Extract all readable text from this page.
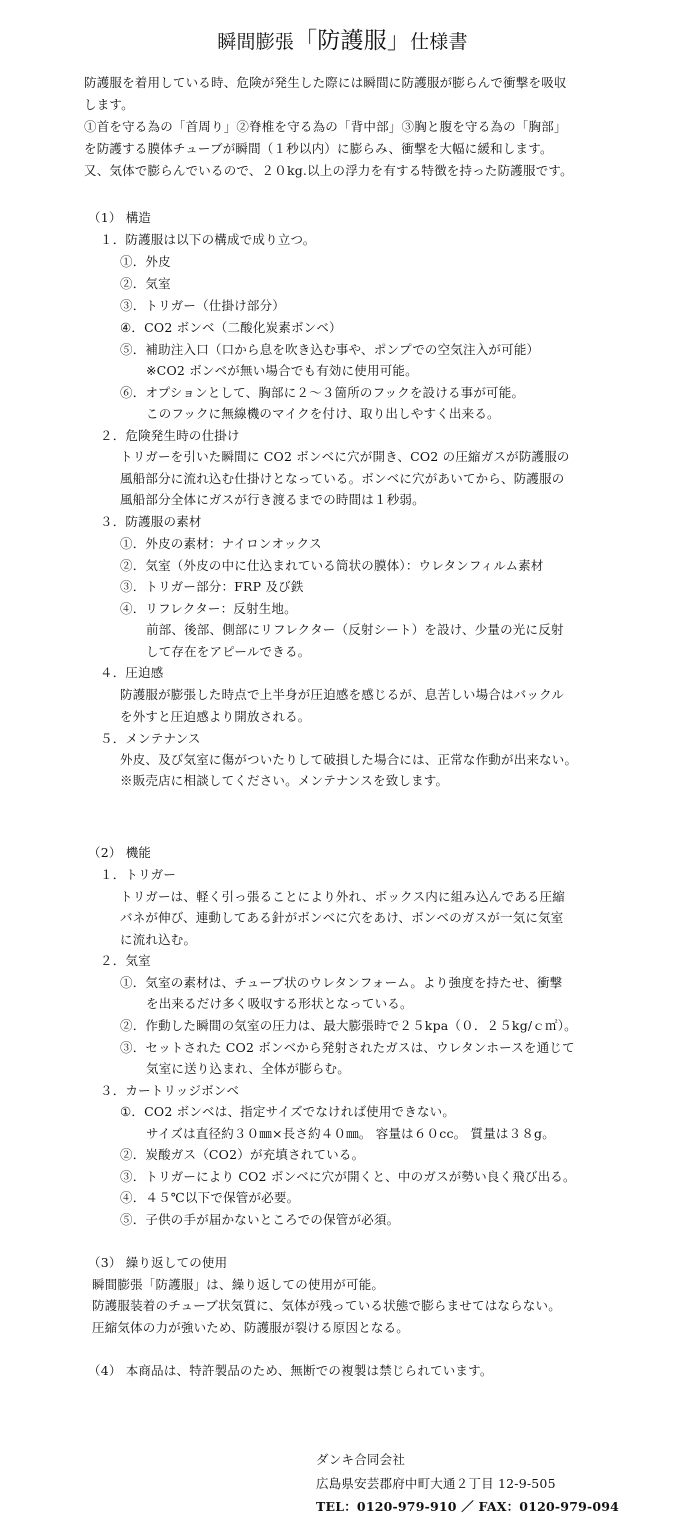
瞬間膨張「防護服」仕様書

防護服を着用している時、危険が発生した際には瞬間に防護服が膨らんで衝撃を吸収

します。

①首を守る為の「首周り」②脊椎を守る為の「背中部」③胸と腹を守る為の「胸部」

を防護する膜体チューブが瞬間（１秒以内）に膨らみ、衝撃を大幅に緩和します。

又、気体で膨らんでいるので、２０kg.以上の浮力を有する特徴を持った防護服です。

（1） 構造
１．防護服は以下の構成で成り立つ。
①．外皮
②．気室
③．トリガー（仕掛け部分）
④．CO2 ボンベ（二酸化炭素ボンベ）
⑤．補助注入口（口から息を吹き込む事や、ポンプでの空気注入が可能）
※CO2 ボンベが無い場合でも有効に使用可能。
⑥．オプションとして、胸部に２～３箇所のフックを設ける事が可能。
このフックに無線機のマイクを付け、取り出しやすく出来る。
２．危険発生時の仕掛け
トリガーを引いた瞬間に CO2 ボンベに穴が開き、CO2 の圧縮ガスが防護服の
風船部分に流れ込む仕掛けとなっている。ボンベに穴があいてから、防護服の
風船部分全体にガスが行き渡るまでの時間は１秒弱。
３．防護服の素材
①．外皮の素材：ナイロンオックス
②．気室（外皮の中に仕込まれている筒状の膜体）：ウレタンフィルム素材
③．トリガー部分：FRP 及び鉄
④．リフレクター：反射生地。
前部、後部、側部にリフレクター（反射シート）を設け、少量の光に反射
して存在をアピールできる。
４．圧迫感
防護服が膨張した時点で上半身が圧迫感を感じるが、息苦しい場合はバックル
を外すと圧迫感より開放される。
５．メンテナンス
外皮、及び気室に傷がついたりして破損した場合には、正常な作動が出来ない。
※販売店に相談してください。メンテナンスを致します。
（2） 機能
１．トリガー
トリガーは、軽く引っ張ることにより外れ、ボックス内に組み込んである圧縮
バネが伸び、連動してある針がボンベに穴をあけ、ボンベのガスが一気に気室
に流れ込む。
２．気室
①．気室の素材は、チューブ状のウレタンフォーム。より強度を持たせ、衝撃
を出来るだけ多く吸収する形状となっている。
②．作動した瞬間の気室の圧力は、最大膨張時で２５kpa（０．２５kg/ｃ㎡）。
③．セットされた CO2 ボンベから発射されたガスは、ウレタンホースを通じて
気室に送り込まれ、全体が膨らむ。
３．カートリッジボンベ
①．CO2 ボンベは、指定サイズでなければ使用できない。
サイズは直径約３０㎜×長さ約４０㎜。 容量は６０cc。 質量は３８g。
②．炭酸ガス（CO2）が充填されている。
③．トリガーにより CO2 ボンベに穴が開くと、中のガスが勢い良く飛び出る。
④．４５℃以下で保管が必要。
⑤．子供の手が届かないところでの保管が必須。
（3） 繰り返しての使用
瞬間膨張「防護服」は、繰り返しての使用が可能。
防護服装着のチューブ状気質に、気体が残っている状態で膨らませてはならない。
圧縮気体の力が強いため、防護服が裂ける原因となる。
（4） 本商品は、特許製品のため、無断での複製は禁じられています。
ダンキ合同会社
広島県安芸郡府中町大通２丁目 12-9-505
TEL：0120-979-910 ／ FAX：0120-979-094
